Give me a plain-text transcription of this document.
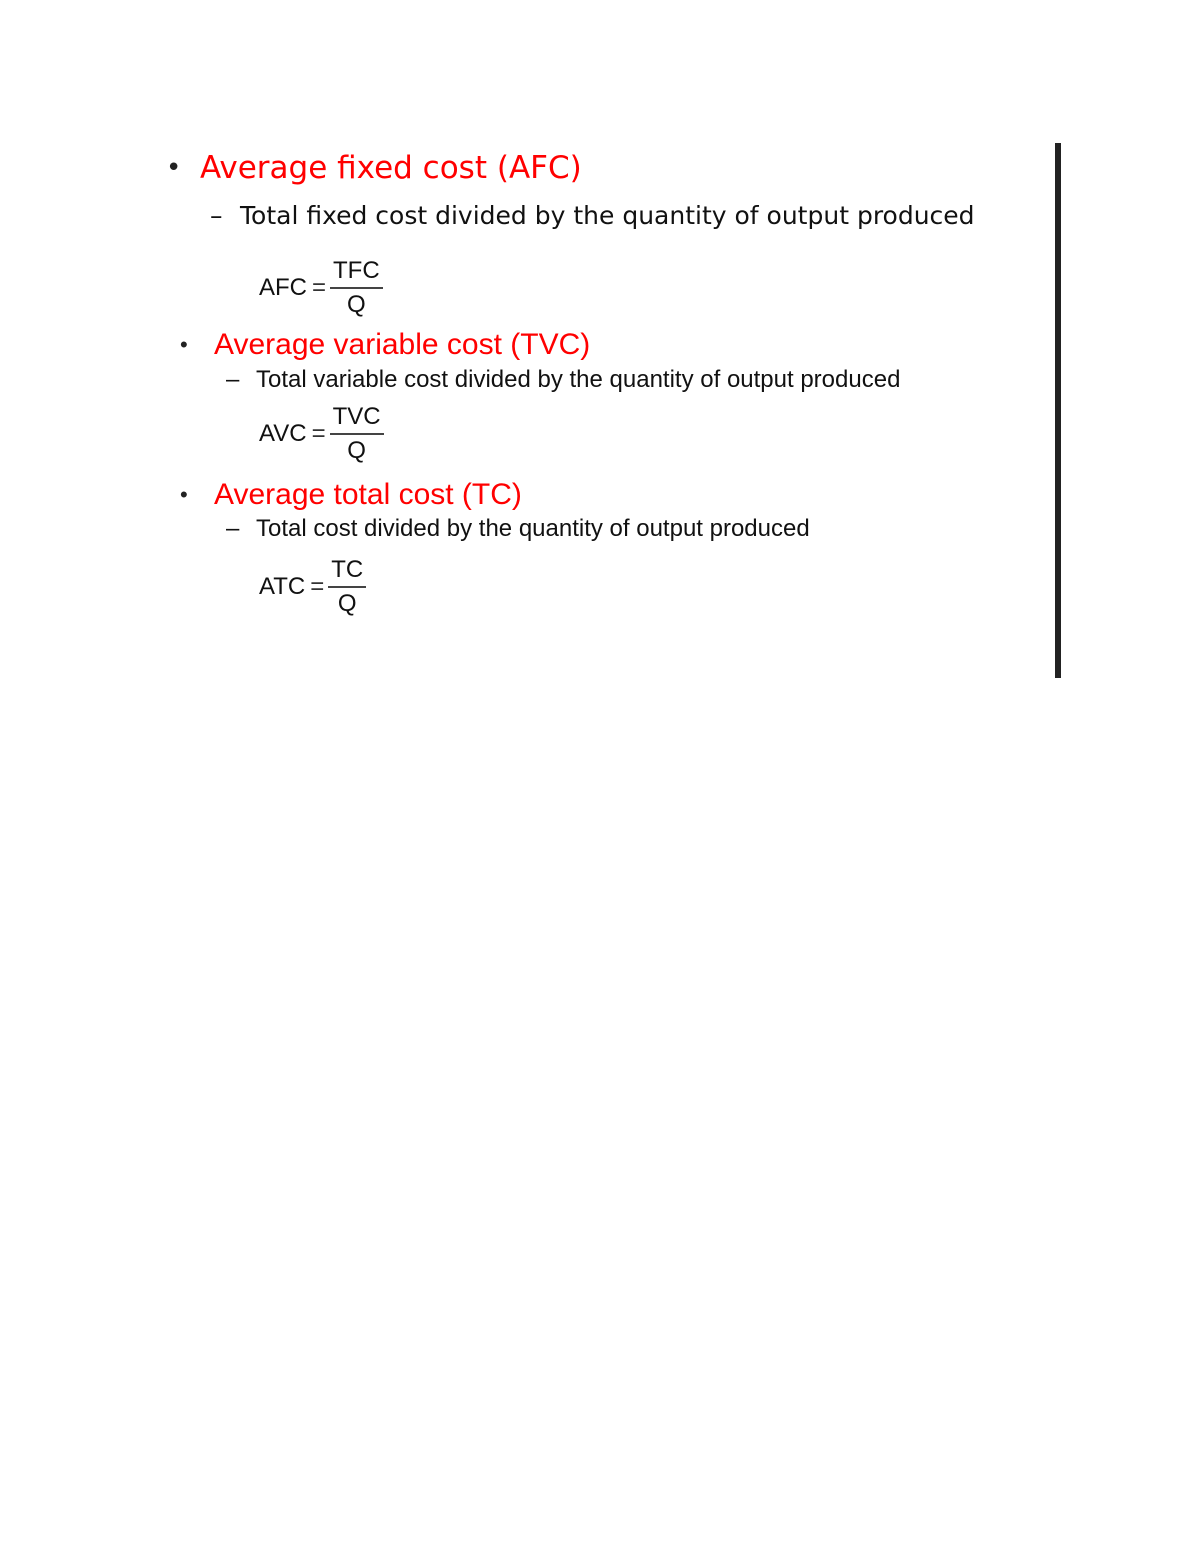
• Average fixed cost (AFC)
– Total fixed cost divided by the quantity of output produced
AFC = $\frac{\text{TFC}}{Q}$
• Average variable cost (TVC)
– Total variable cost divided by the quantity of output produced
AVC = $\frac{\text{TVC}}{Q}$
• Average total cost (TC)
– Total cost divided by the quantity of output produced
ATC = $\frac{TC}{Q}$
